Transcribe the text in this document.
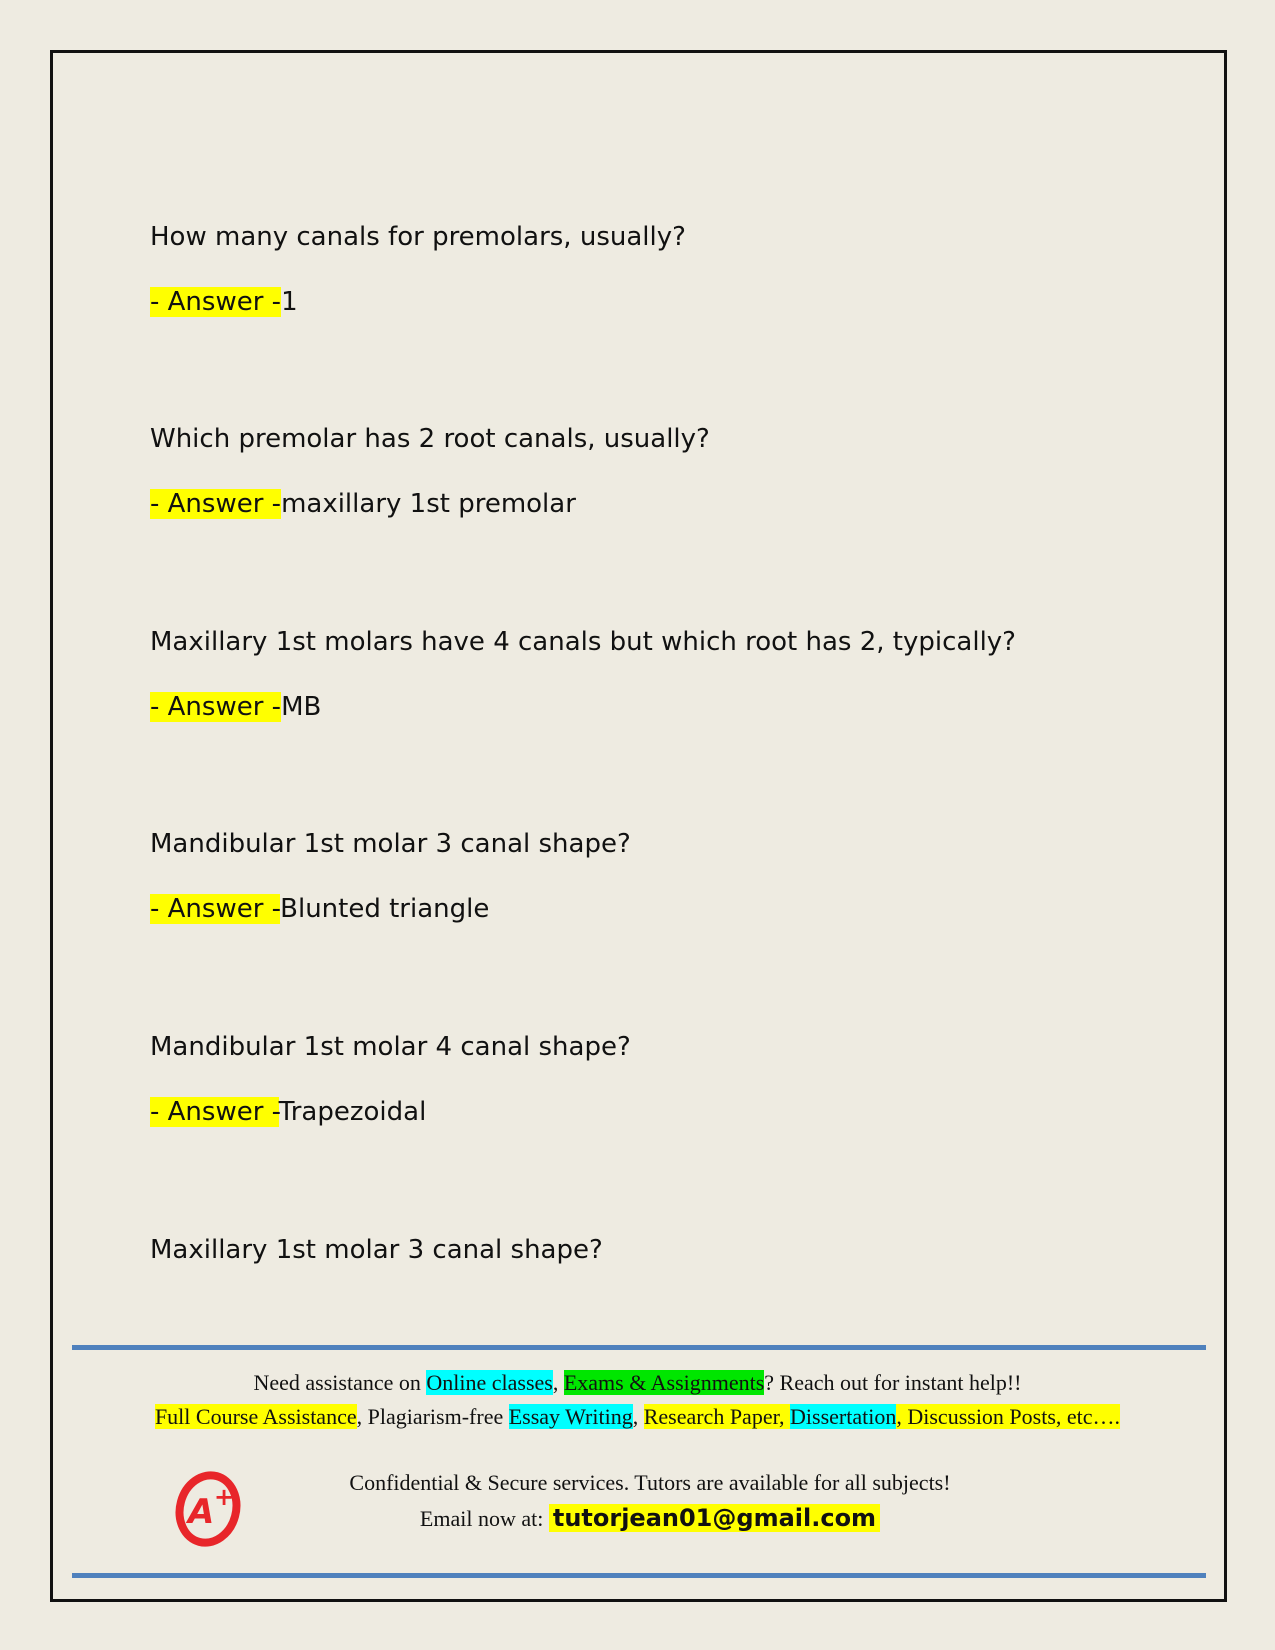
How many canals for premolars, usually?
- Answer -1
Which premolar has 2 root canals, usually?
- Answer -maxillary 1st premolar
Maxillary 1st molars have 4 canals but which root has 2, typically?
- Answer -MB
Mandibular 1st molar 3 canal shape?
- Answer -Blunted triangle
Mandibular 1st molar 4 canal shape?
- Answer -Trapezoidal
Maxillary 1st molar 3 canal shape?
Need assistance on Online classes, Exams & Assignments? Reach out for instant help!!
Full Course Assistance, Plagiarism-free Essay Writing, Research Paper, Dissertation, Discussion Posts, etc….
A +
Confidential & Secure services. Tutors are available for all subjects!
Email now at: tutorjean01@gmail.com
